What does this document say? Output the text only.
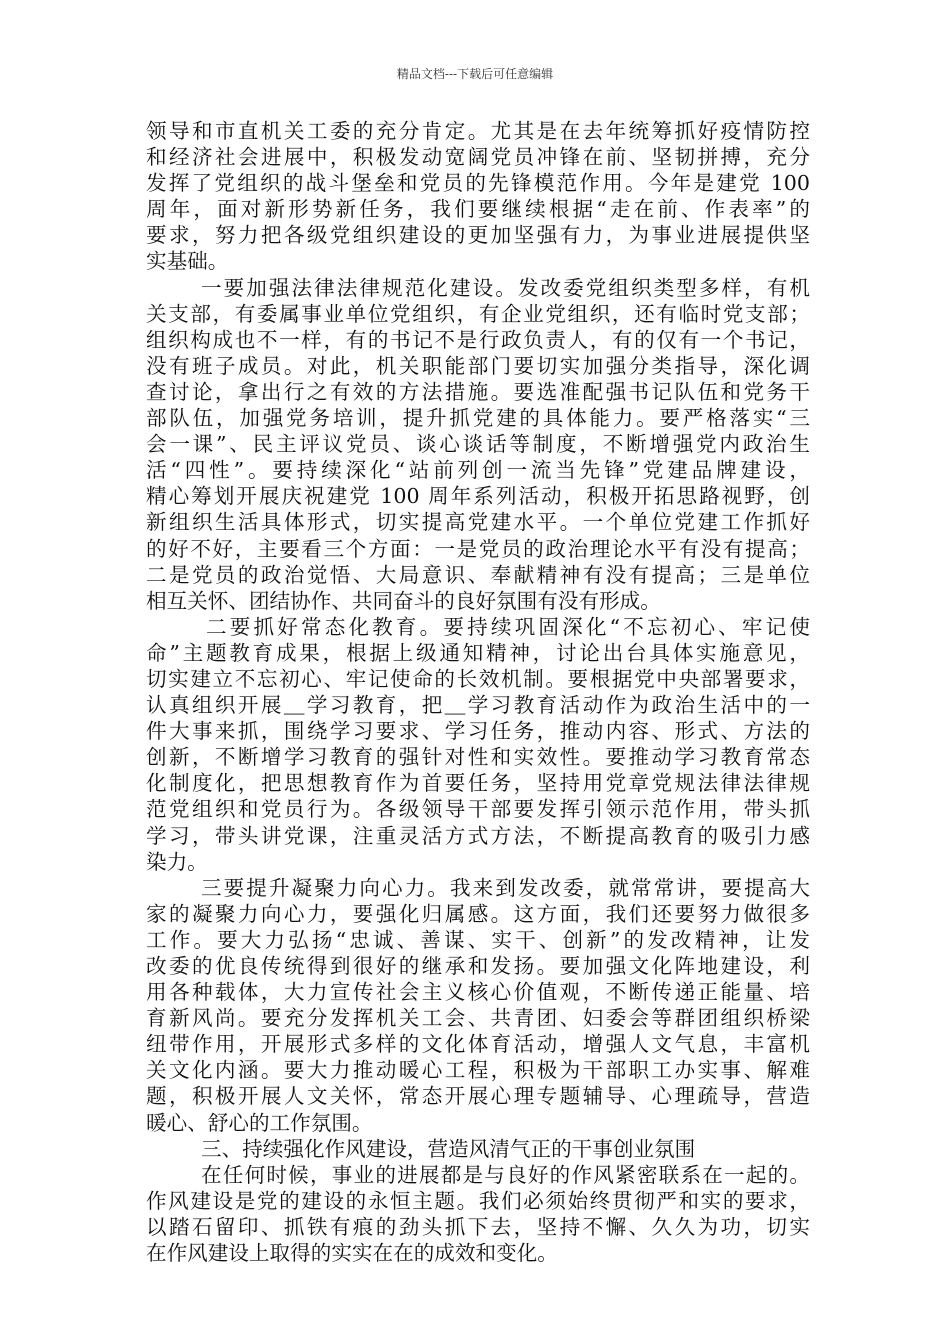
精品文档---下载后可任意编辑
领导和市直机关工委的充分肯定。尤其是在去年统筹抓好疫情防控
和经济社会进展中，积极发动宽阔党员冲锋在前、坚韧拼搏，充分
发挥了党组织的战斗堡垒和党员的先锋模范作用。今年是建党 100
周年，面对新形势新任务，我们要继续根据“走在前、作表率”的
要求，努力把各级党组织建设的更加坚强有力，为事业进展提供坚
实基础。
一要加强法律法律规范化建设。发改委党组织类型多样，有机
关支部，有委属事业单位党组织，有企业党组织，还有临时党支部；
组织构成也不一样，有的书记不是行政负责人，有的仅有一个书记，
没有班子成员。对此，机关职能部门要切实加强分类指导，深化调
查讨论，拿出行之有效的方法措施。要选准配强书记队伍和党务干
部队伍，加强党务培训，提升抓党建的具体能力。要严格落实“三
会一课”、民主评议党员、谈心谈话等制度，不断增强党内政治生
活“四性”。要持续深化“站前列创一流当先锋”党建品牌建设，
精心筹划开展庆祝建党 100 周年系列活动，积极开拓思路视野，创
新组织生活具体形式，切实提高党建水平。一个单位党建工作抓好
的好不好，主要看三个方面：一是党员的政治理论水平有没有提高；
二是党员的政治觉悟、大局意识、奉献精神有没有提高；三是单位
相互关怀、团结协作、共同奋斗的良好氛围有没有形成。
二要抓好常态化教育。要持续巩固深化“不忘初心、牢记使
命”主题教育成果，根据上级通知精神，讨论出台具体实施意见，
切实建立不忘初心、牢记使命的长效机制。要根据党中央部署要求，
认真组织开展＿学习教育，把＿学习教育活动作为政治生活中的一
件大事来抓，围绕学习要求、学习任务，推动内容、形式、方法的
创新，不断增学习教育的强针对性和实效性。要推动学习教育常态
化制度化，把思想教育作为首要任务，坚持用党章党规法律法律规
范党组织和党员行为。各级领导干部要发挥引领示范作用，带头抓
学习，带头讲党课，注重灵活方式方法，不断提高教育的吸引力感
染力。
三要提升凝聚力向心力。我来到发改委，就常常讲，要提高大
家的凝聚力向心力，要强化归属感。这方面，我们还要努力做很多
工作。要大力弘扬“忠诚、善谋、实干、创新”的发改精神，让发
改委的优良传统得到很好的继承和发扬。要加强文化阵地建设，利
用各种载体，大力宣传社会主义核心价值观，不断传递正能量、培
育新风尚。要充分发挥机关工会、共青团、妇委会等群团组织桥梁
纽带作用，开展形式多样的文化体育活动，增强人文气息，丰富机
关文化内涵。要大力推动暖心工程，积极为干部职工办实事、解难
题，积极开展人文关怀，常态开展心理专题辅导、心理疏导，营造
暖心、舒心的工作氛围。
三、持续强化作风建设，营造风清气正的干事创业氛围
在任何时候，事业的进展都是与良好的作风紧密联系在一起的。
作风建设是党的建设的永恒主题。我们必须始终贯彻严和实的要求，
以踏石留印、抓铁有痕的劲头抓下去，坚持不懈、久久为功，切实
在作风建设上取得的实实在在的成效和变化。
